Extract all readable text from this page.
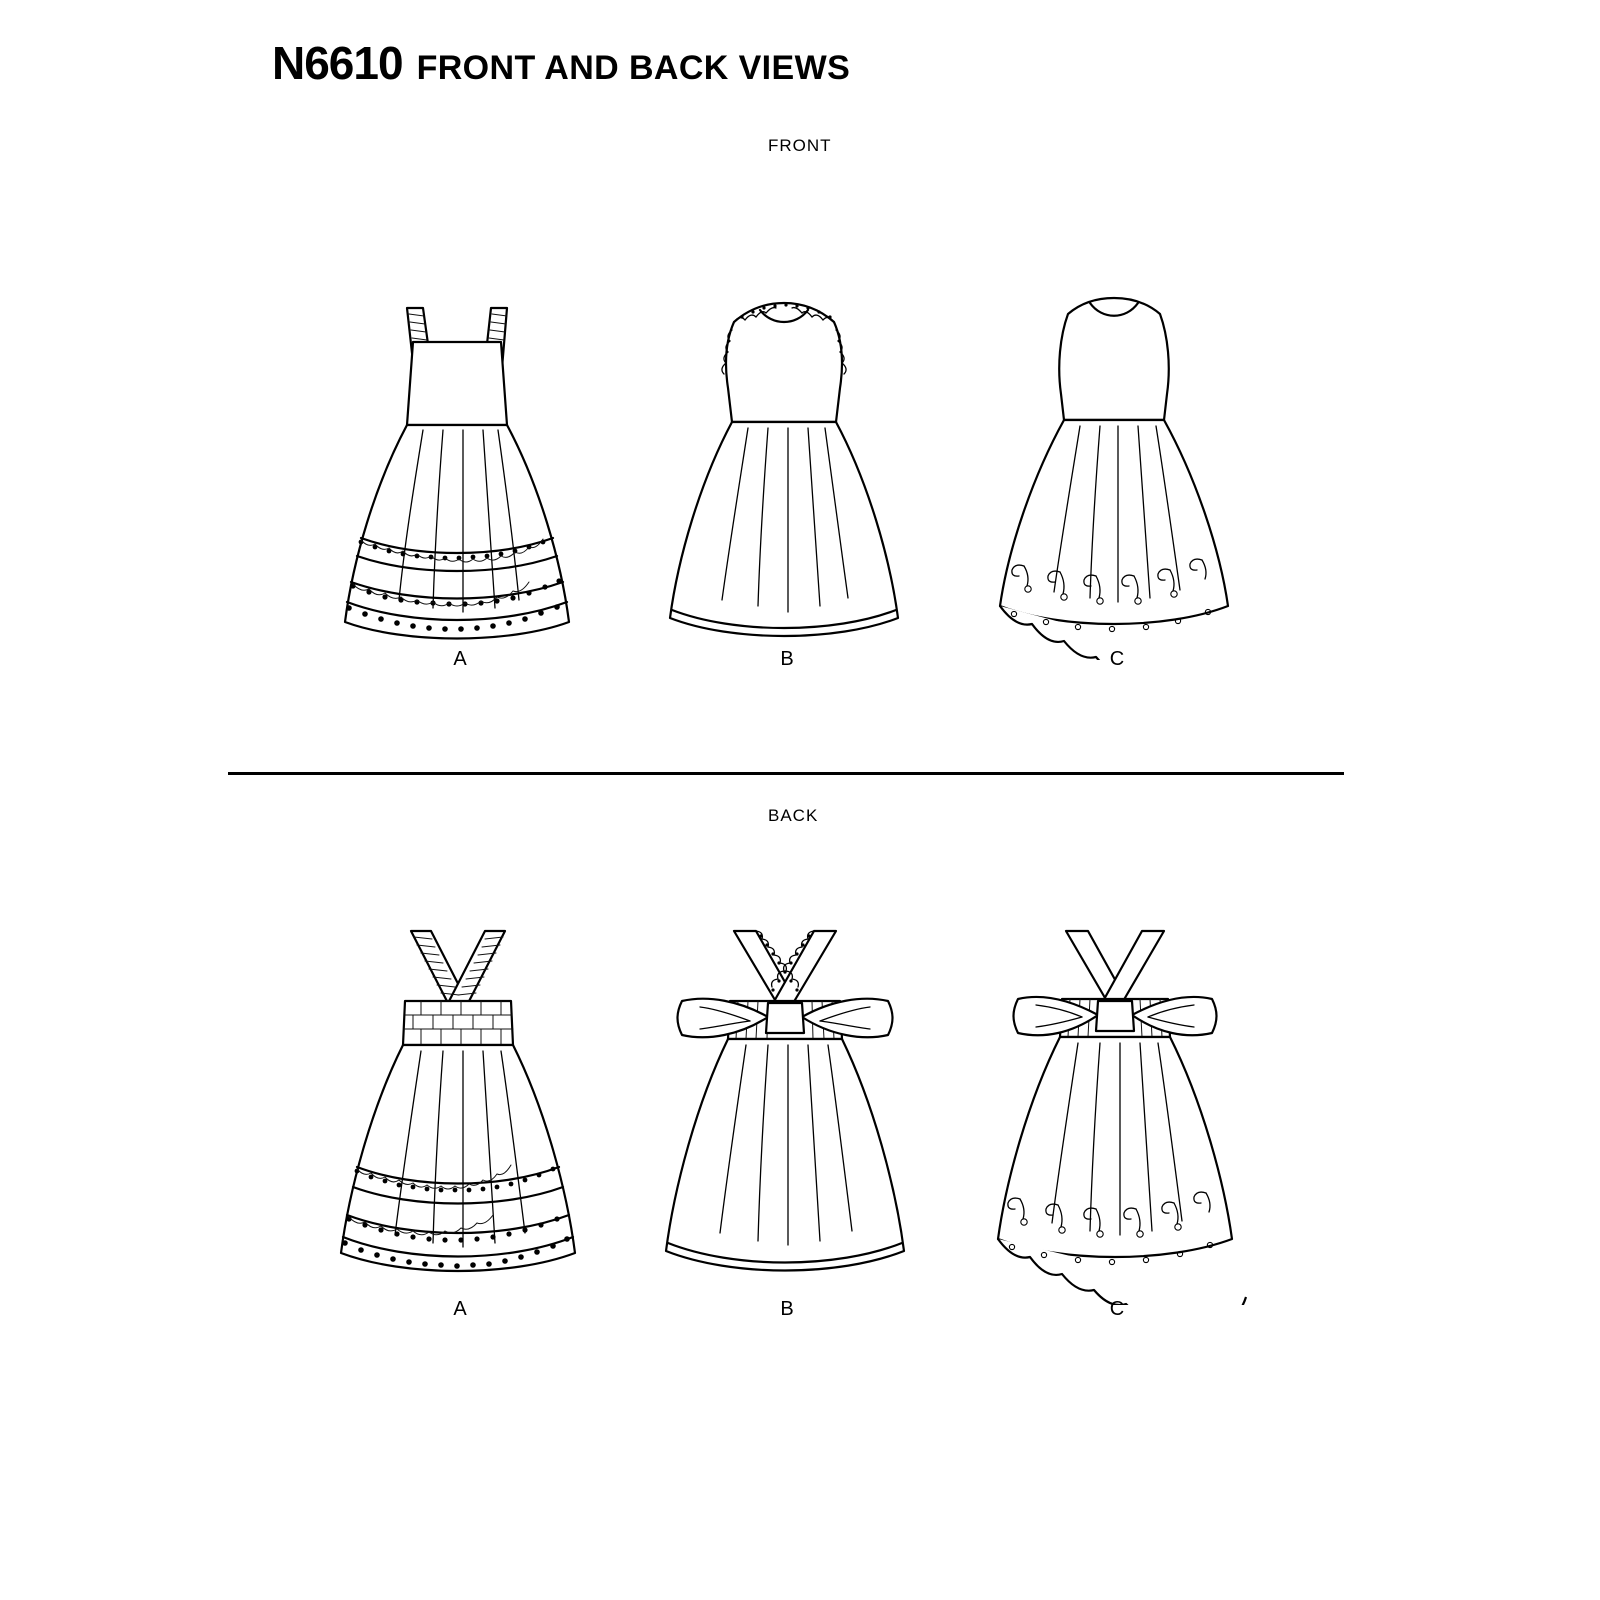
N6610 FRONT AND BACK VIEWS
FRONT
A	B	C
BACK
A	B	C
